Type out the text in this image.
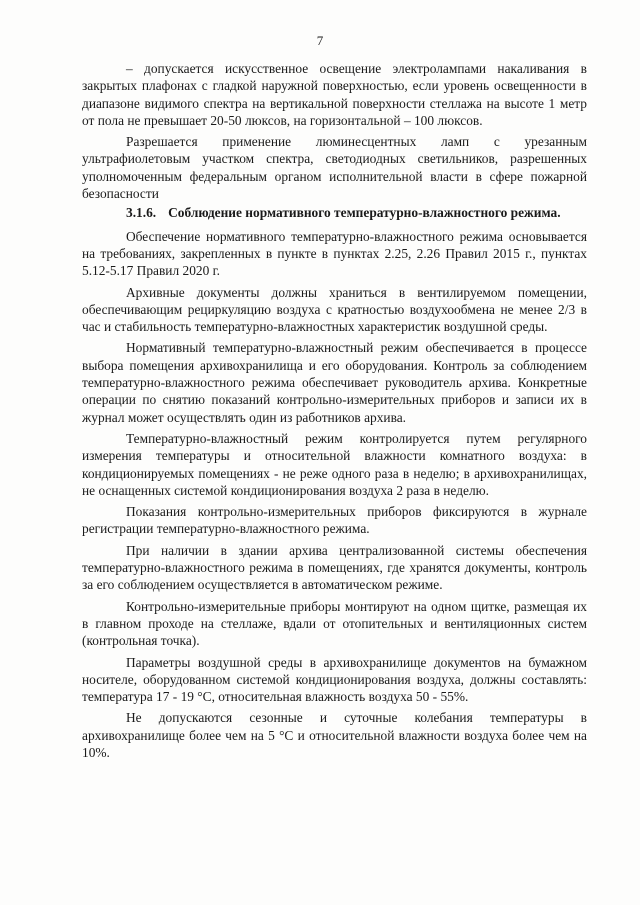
7

– допускается искусственное освещение электролампами накаливания в закрытых плафонах с гладкой наружной поверхностью, если уровень освещенности в диапазоне видимого спектра на вертикальной поверхности стеллажа на высоте 1 метр от пола не превышает 20-50 люксов, на горизонтальной – 100 люксов.

Разрешается применение люминесцентных ламп с урезанным ультрафиолетовым участком спектра, светодиодных светильников, разрешенных уполномоченным федеральным органом исполнительной власти в сфере пожарной безопасности

3.1.6. Соблюдение нормативного температурно-влажностного режима.

Обеспечение нормативного температурно-влажностного режима основывается на требованиях, закрепленных в пункте в пунктах 2.25, 2.26 Правил 2015 г., пунктах 5.12-5.17 Правил 2020 г.

Архивные документы должны храниться в вентилируемом помещении, обеспечивающим рециркуляцию воздуха с кратностью воздухообмена не менее 2/3 в час и стабильность температурно-влажностных характеристик воздушной среды.

Нормативный температурно-влажностный режим обеспечивается в процессе выбора помещения архивохранилища и его оборудования. Контроль за соблюдением температурно-влажностного режима обеспечивает руководитель архива. Конкретные операции по снятию показаний контрольно-измерительных приборов и записи их в журнал может осуществлять один из работников архива.

Температурно-влажностный режим контролируется путем регулярного измерения температуры и относительной влажности комнатного воздуха: в кондиционируемых помещениях - не реже одного раза в неделю; в архивохранилищах, не оснащенных системой кондиционирования воздуха 2 раза в неделю.

Показания контрольно-измерительных приборов фиксируются в журнале регистрации температурно-влажностного режима.

При наличии в здании архива централизованной системы обеспечения температурно-влажностного режима в помещениях, где хранятся документы, контроль за его соблюдением осуществляется в автоматическом режиме.

Контрольно-измерительные приборы монтируют на одном щитке, размещая их в главном проходе на стеллаже, вдали от отопительных и вентиляционных систем (контрольная точка).

Параметры воздушной среды в архивохранилище документов на бумажном носителе, оборудованном системой кондиционирования воздуха, должны составлять: температура 17 - 19 °С, относительная влажность воздуха 50 - 55%.

Не допускаются сезонные и суточные колебания температуры в архивохранилище более чем на 5 °С и относительной влажности воздуха более чем на 10%.
